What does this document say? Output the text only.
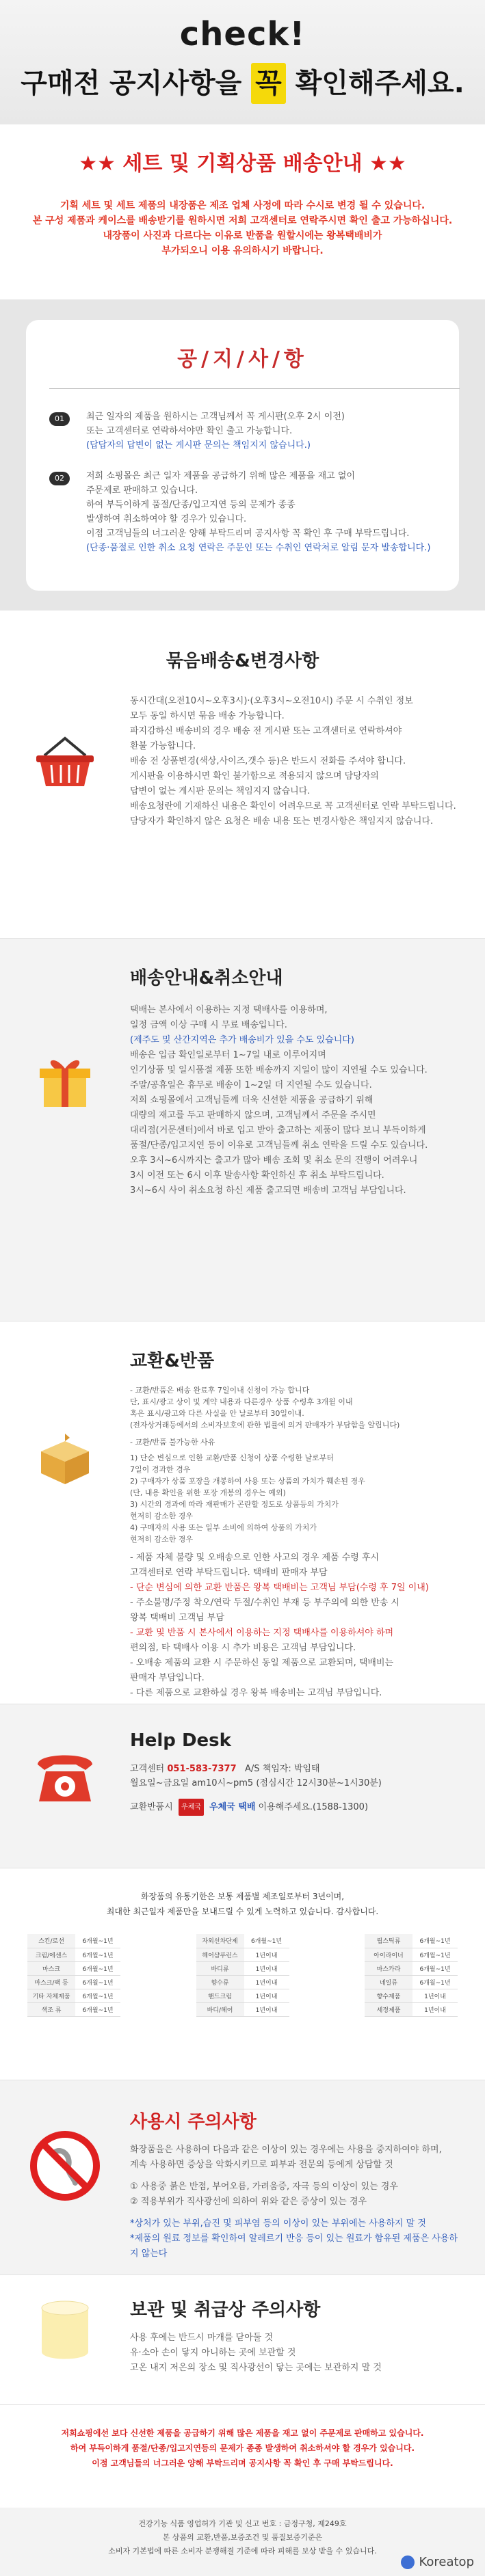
check!
구매전 공지사항을 꼭 확인해주세요.
★★ 세트 및 기획상품 배송안내 ★★

기획 세트 및 세트 제품의 내장품은 제조 업체 사정에 따라 수시로 변경 될 수 있습니다.

본 구성 제품과 케이스를 배송받기를 원하시면 저희 고객센터로 연락주시면 확인 출고 가능하십니다.

내장품이 사진과 다르다는 이유로 반품을 원할시에는 왕복택배비가

부가되오니 이용 유의하시기 바랍니다.

공/지/사/항
01	최근 일자의 제품을 원하시는 고객님께서 꼭 게시판(오후 2시 이전)
또는 고객센터로 연락하셔야만 확인 출고 가능합니다.
(답답자의 답변이 없는 게시판 문의는 책임지지 않습니다.)
02	저희 쇼핑몰은 최근 일자 제품을 공급하기 위해 많은 제품을 재고 없이
주문제로 판매하고 있습니다.
하여 부득이하게 품절/단종/입고지연 등의 문제가 종종
발생하여 취소하여야 할 경우가 있습니다.
이점 고객님들의 너그러운 양해 부탁드리며 공지사항 꼭 확인 후 구매 부탁드립니다.
(단종·품절로 인한 취소 요청 연락은 주문인 또는 수취인 연락처로 알림 문자 발송합니다.)
묶음배송&변경사항
동시간대(오전10시~오후3시)·(오후3시~오전10시) 주문 시 수취인 정보
모두 동일 하시면 묶음 배송 가능합니다.
파지감하신 배송비의 경우 배송 전 게시판 또는 고객센터로 연락하셔야
환불 가능합니다.
배송 전 상품변경(색상,사이즈,갯수 등)은 반드시 전화를 주셔야 합니다.
게시판을 이용하시면 확인 불가함으로 적용되지 않으며 담당자의
답변이 없는 게시판 문의는 책임지지 않습니다.
배송요청란에 기재하신 내용은 확인이 어려우므로 꼭 고객센터로 연락 부탁드립니다.
담당자가 확인하지 않은 요청은 배송 내용 또는 변경사항은 책임지지 않습니다.
배송안내&취소안내
택배는 본사에서 이용하는 지정 택배사를 이용하며,
일정 금액 이상 구매 시 무료 배송입니다.
(제주도 및 산간지역은 추가 배송비가 있을 수도 있습니다)
배송은 입금 확인일로부터 1~7일 내로 이루어지며
인기상품 및 일시품절 제품 또한 배송까지 지일이 많이 지연될 수도 있습니다.
주말/공휴일은 휴무로 배송이 1~2일 더 지연될 수도 있습니다.
저희 쇼핑몰에서 고객님들께 더욱 신선한 제품을 공급하기 위해
대량의 재고를 두고 판매하지 않으며, 고객님께서 주문을 주시면
대리점(거문센터)에서 바로 입고 받아 출고하는 제품이 많다 보니 부득이하게
품절/단종/입고지연 등이 이유로 고객님들께 취소 연락을 드릴 수도 있습니다.
오후 3시~6시까지는 출고가 많아 배송 조회 및 취소 문의 진행이 어려우니
3시 이전 또는 6시 이후 발송사항 확인하신 후 취소 부탁드립니다.
3시~6시 사이 취소요청 하신 제품 출고되면 배송비 고객님 부담입니다.
교환&반품
- 교환/반품은 배송 완료후 7일이내 신청이 가능 합니다
단, 표시/광고 상이 및 계약 내용과 다른경우 상품 수령후 3개월 이내
혹은 표시/광고와 다른 사실을 안 날로부터 30일이내.
(전자상거래등에서의 소비자보호에 관한 법률에 의거 판매자가 부담함을 알립니다)
- 교환/반품 불가능한 사유
1) 단순 변심으로 인한 교환/반품 신청이 상품 수령한 날로부터
7일이 경과한 경우
2) 구매자가 상품 포장을 개봉하여 사용 또는 상품의 가치가 훼손된 경우
(단, 내용 확인을 위한 포장 개봉의 경우는 예외)
3) 시간의 경과에 따라 재판매가 곤란할 정도로 상품등의 가치가
현저히 감소한 경우
4) 구매자의 사용 또는 일부 소비에 의하여 상품의 가치가
현저히 감소한 경우
- 제품 자체 불량 및 오배송으로 인한 사고의 경우 제품 수령 후시
고객센터로 연락 부탁드립니다. 택배비 판매자 부담
- 단순 변심에 의한 교환 반품은 왕복 택배비는 고객님 부담(수령 후 7일 이내)
- 주소불명/주정 착오/연락 두절/수취인 부재 등 부주의에 의한 반송 시
왕복 택배비 고객님 부담
- 교환 및 반품 시 본사에서 이용하는 지정 택배사를 이용하셔야 하며
편의점, 타 택배사 이용 시 추가 비용은 고객님 부담입니다.
- 오배송 제품의 교환 시 주문하신 동일 제품으로 교환되며, 택배비는
판매자 부담입니다.
- 다른 제품으로 교환하실 경우 왕복 배송비는 고객님 부담입니다.
Help Desk
고객센터 051-583-7377 A/S 책임자: 박임태
월요일~금요일 am10시~pm5 (점심시간 12시30분~1시30분)
교환반품시 우체국 우체국 택배 이용해주세요.(1588-1300)
화장품의 유통기한은 보통 제품별 제조일로부터 3년이며,
최대한 최근일자 제품만을 보내드릴 수 있게 노력하고 있습니다. 감사합니다.
스킨/로션	6개월~1년
크림/에센스	6개월~1년
마스크	6개월~1년
마스크/팩 등	6개월~1년
기타 자체제품	6개월~1년
색조 류	6개월~1년
자외선차단제	6개월~1년
헤어샴푸린스	1년이내
바디류	1년이내
향수류	1년이내
핸드크림	1년이내
바디/헤어	1년이내
립스틱류	6개월~1년
아이라이너	6개월~1년
마스카라	6개월~1년
네일류	6개월~1년
향수제품	1년이내
세정제품	1년이내
사용시 주의사항
화장품을은 사용하여 다음과 같은 이상이 있는 경우에는 사용을 중지하여야 하며,
계속 사용하면 증상을 악화시키므로 피부과 전문의 등에게 상담할 것
① 사용중 붉은 반점, 부어오름, 가려움증, 자극 등의 이상이 있는 경우
② 적용부위가 직사광선에 의하여 위와 같은 증상이 있는 경우
*상처가 있는 부위,습진 및 피부염 등의 이상이 있는 부위에는 사용하지 말 것
*제품의 원료 정보를 확인하여 알레르기 반응 등이 있는 원료가 함유된 제품은 사용하지 않는다
보관 및 취급상 주의사항
사용 후에는 반드시 마개를 닫아둘 것
유·소아 손이 닿지 아니하는 곳에 보관할 것
고온 내지 저온의 장소 및 직사광선이 닿는 곳에는 보관하지 말 것

저희쇼핑에선 보다 신선한 제품을 공급하기 위해 많은 제품을 재고 없이 주문제로 판매하고 있습니다.

하여 부득이하게 품절/단종/입고지연등의 문제가 종종 발생하여 취소하셔야 할 경우가 있습니다.

이점 고객님들의 너그러운 양해 부탁드리며 공지사항 꼭 확인 후 구매 부탁드립니다.

건강기능 식품 영업허가 기관 및 신고 번호 : 금정구청, 제249호

본 상품의 교환,반품,보증조건 및 품질보증기준은

소비자 기본법에 따른 소비자 분쟁해결 기준에 따라 피해를 보상 받을 수 있습니다.

Koreatop
